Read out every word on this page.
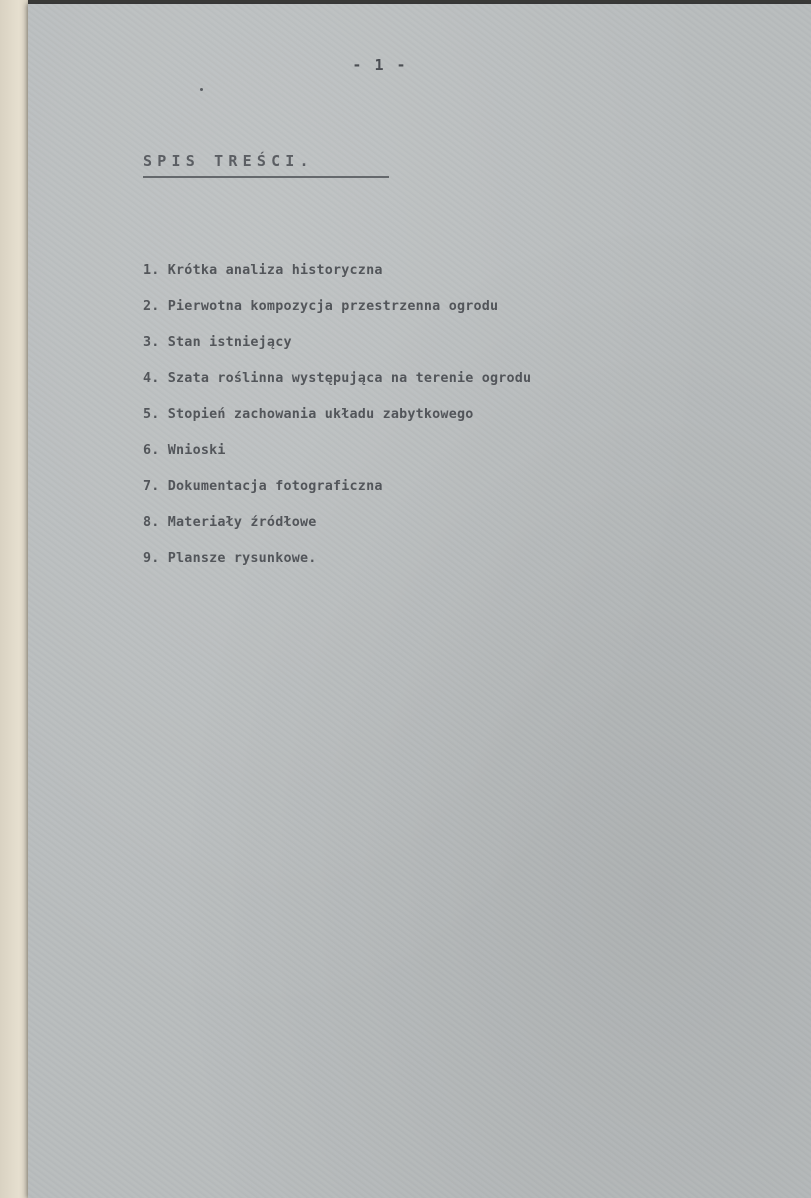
- 1 -
SPIS TREŚCI.
1. Krótka analiza historyczna
2. Pierwotna kompozycja przestrzenna ogrodu
3. Stan istniejący
4. Szata roślinna występująca na terenie ogrodu
5. Stopień zachowania układu zabytkowego
6. Wnioski
7. Dokumentacja fotograficzna
8. Materiały źródłowe
9. Plansze rysunkowe.
